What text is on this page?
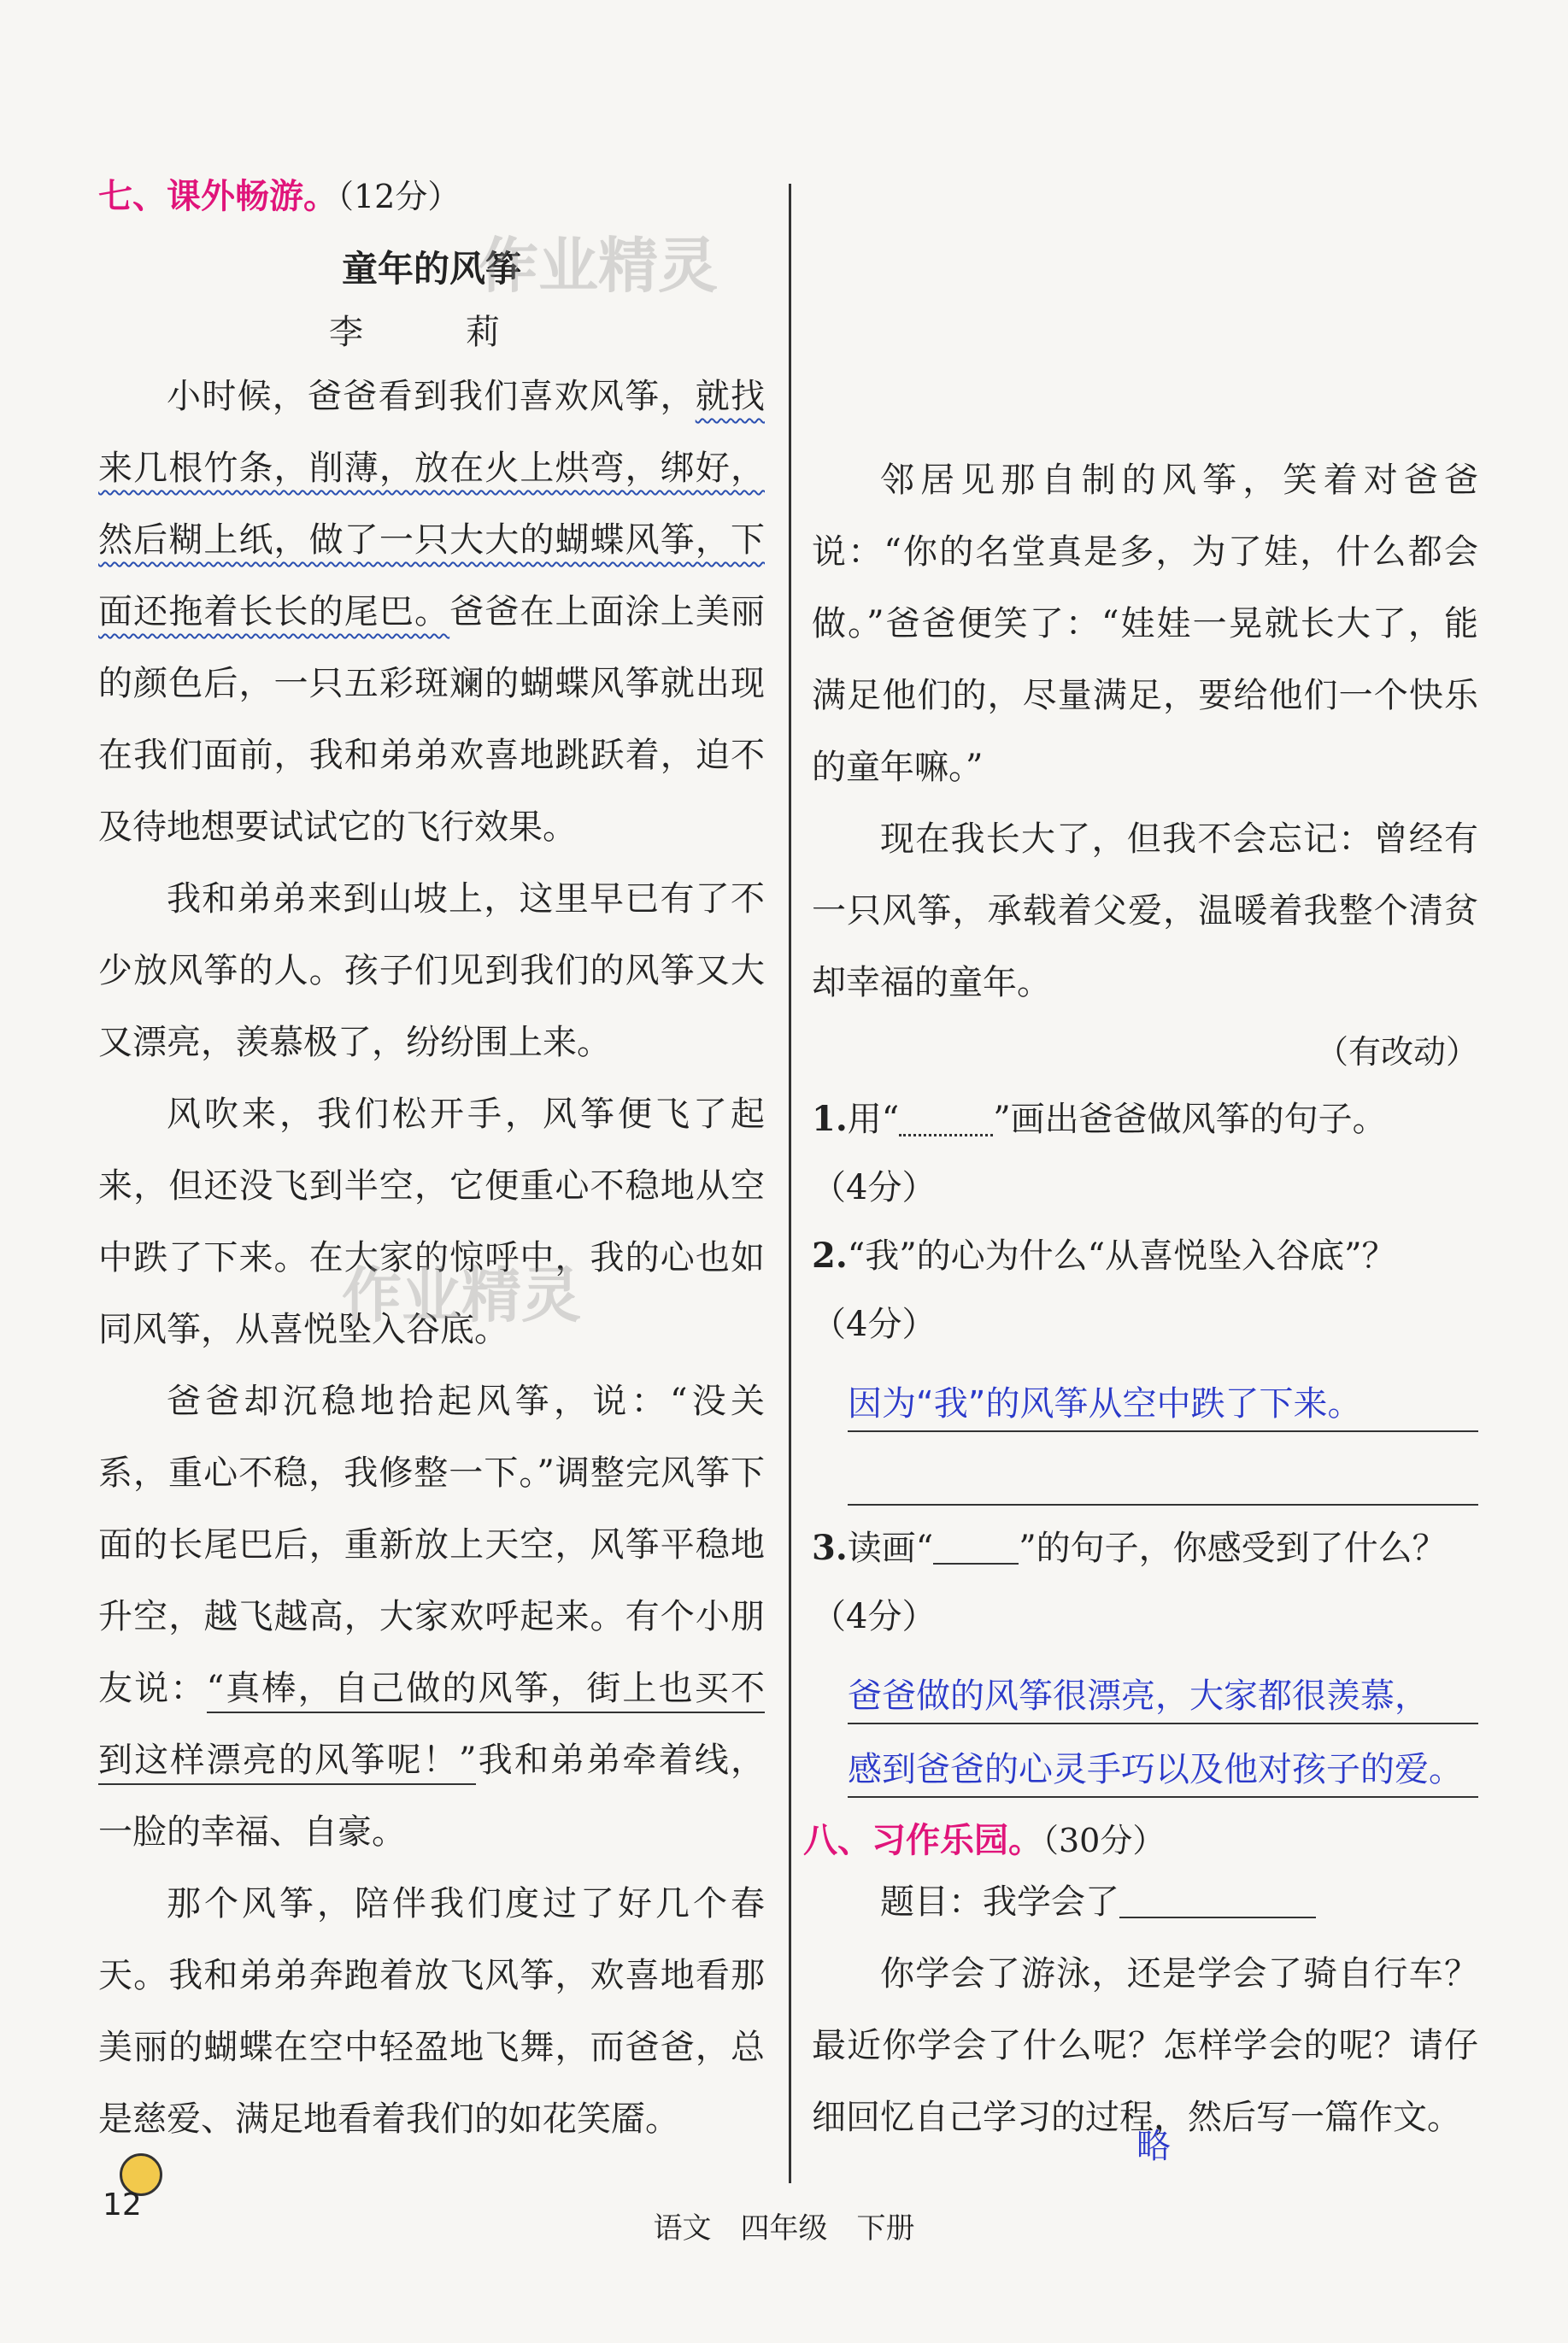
七、课外畅游。（12分）
童年的风筝
李　莉

小时候，爸爸看到我们喜欢风筝，就找来几根竹条，削薄，放在火上烘弯，绑好，然后糊上纸，做了一只大大的蝴蝶风筝，下面还拖着长长的尾巴。爸爸在上面涂上美丽的颜色后，一只五彩斑斓的蝴蝶风筝就出现在我们面前，我和弟弟欢喜地跳跃着，迫不及待地想要试试它的飞行效果。

我和弟弟来到山坡上，这里早已有了不少放风筝的人。孩子们见到我们的风筝又大又漂亮，羡慕极了，纷纷围上来。

风吹来，我们松开手，风筝便飞了起来，但还没飞到半空，它便重心不稳地从空中跌了下来。在大家的惊呼中，我的心也如同风筝，从喜悦坠入谷底。

爸爸却沉稳地拾起风筝，说：“没关系，重心不稳，我修整一下。”调整完风筝下面的长尾巴后，重新放上天空，风筝平稳地升空，越飞越高，大家欢呼起来。有个小朋友说：“真棒，自己做的风筝，街上也买不到这样漂亮的风筝呢！”我和弟弟牵着线，一脸的幸福、自豪。

那个风筝，陪伴我们度过了好几个春天。我和弟弟奔跑着放飞风筝，欢喜地看那美丽的蝴蝶在空中轻盈地飞舞，而爸爸，总是慈爱、满足地看着我们的如花笑靥。

邻居见那自制的风筝，笑着对爸爸说：“你的名堂真是多，为了娃，什么都会做。”爸爸便笑了：“娃娃一晃就长大了，能满足他们的，尽量满足，要给他们一个快乐的童年嘛。”

现在我长大了，但我不会忘记：曾经有一只风筝，承载着父爱，温暖着我整个清贫却幸福的童年。

（有改动）
1.用“	”画出爸爸做风筝的句子。
（4分）
2.“我”的心为什么“从喜悦坠入谷底”？
（4分）
因为“我”的风筝从空中跌了下来。
3.读画“	”的句子，你感受到了什么？（4分）
爸爸做的风筝很漂亮，大家都很羡慕，
感到爸爸的心灵手巧以及他对孩子的爱。
八、习作乐园。（30分）

题目：我学会了

你学会了游泳，还是学会了骑自行车？最近你学会了什么呢？怎样学会的呢？请仔细回忆自己学习的过程，然后写一篇作文。

略
作业精灵
作业精灵
12
语文　四年级　下册
